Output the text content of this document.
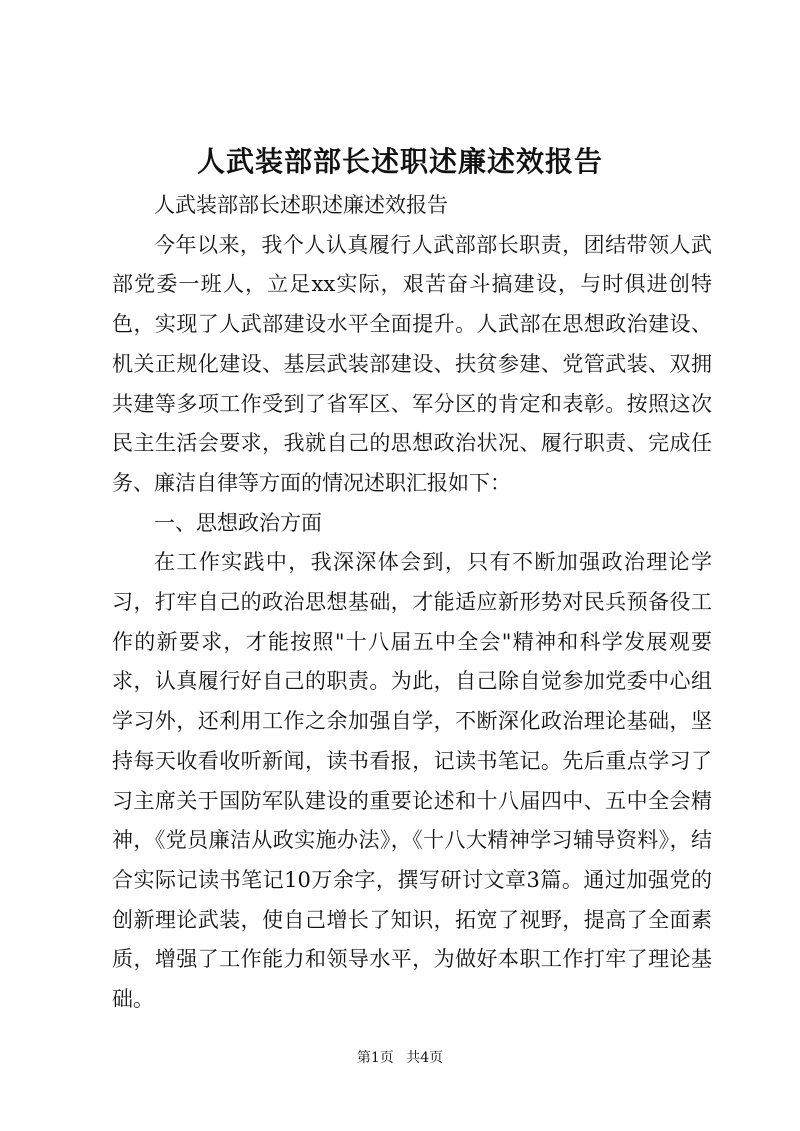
人武装部部长述职述廉述效报告

人武装部部长述职述廉述效报告

今年以来，我个人认真履行人武部部长职责，团结带领人武部党委一班人，立足xx实际，艰苦奋斗搞建设，与时俱进创特色，实现了人武部建设水平全面提升。人武部在思想政治建设、机关正规化建设、基层武装部建设、扶贫参建、党管武装、双拥共建等多项工作受到了省军区、军分区的肯定和表彰。按照这次民主生活会要求，我就自己的思想政治状况、履行职责、完成任务、廉洁自律等方面的情况述职汇报如下：

一、思想政治方面

在工作实践中，我深深体会到，只有不断加强政治理论学习，打牢自己的政治思想基础，才能适应新形势对民兵预备役工作的新要求，才能按照"十八届五中全会"精神和科学发展观要求，认真履行好自己的职责。为此，自己除自觉参加党委中心组学习外，还利用工作之余加强自学，不断深化政治理论基础，坚持每天收看收听新闻，读书看报，记读书笔记。先后重点学习了习主席关于国防军队建设的重要论述和十八届四中、五中全会精神，《党员廉洁从政实施办法》，《十八大精神学习辅导资料》，结合实际记读书笔记10万余字，撰写研讨文章3篇。通过加强党的创新理论武装，使自己增长了知识，拓宽了视野，提高了全面素质，增强了工作能力和领导水平，为做好本职工作打牢了理论基础。

第1页 共4页
